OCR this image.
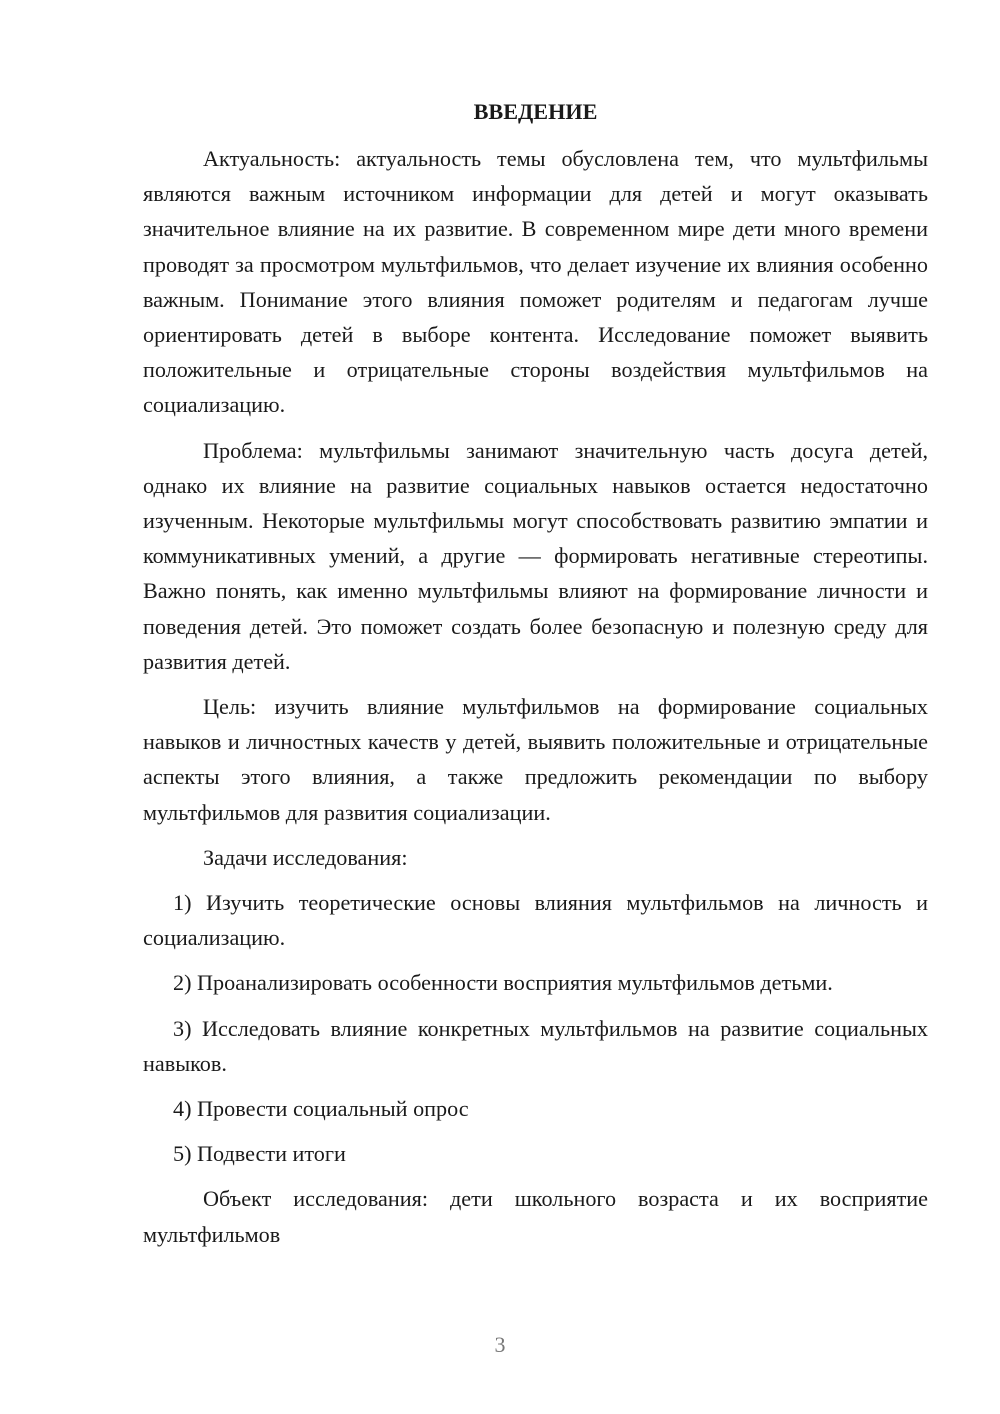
ВВЕДЕНИЕ
Актуальность: актуальность темы обусловлена тем, что мультфильмы являются важным источником информации для детей и могут оказывать значительное влияние на их развитие. В современном мире дети много времени проводят за просмотром мультфильмов, что делает изучение их влияния особенно важным. Понимание этого влияния поможет родителям и педагогам лучше ориентировать детей в выборе контента. Исследование поможет выявить положительные и отрицательные стороны воздействия мультфильмов на социализацию.
Проблема: мультфильмы занимают значительную часть досуга детей, однако их влияние на развитие социальных навыков остается недостаточно изученным. Некоторые мультфильмы могут способствовать развитию эмпатии и коммуникативных умений, а другие — формировать негативные стереотипы. Важно понять, как именно мультфильмы влияют на формирование личности и поведения детей. Это поможет создать более безопасную и полезную среду для развития детей.
Цель: изучить влияние мультфильмов на формирование социальных навыков и личностных качеств у детей, выявить положительные и отрицательные аспекты этого влияния, а также предложить рекомендации по выбору мультфильмов для развития социализации.
Задачи исследования:
1) Изучить теоретические основы влияния мультфильмов на личность и социализацию.
2) Проанализировать особенности восприятия мультфильмов детьми.
3) Исследовать влияние конкретных мультфильмов на развитие социальных навыков.
4) Провести социальный опрос
5) Подвести итоги
Объект исследования: дети школьного возраста и их восприятие мультфильмов
3
